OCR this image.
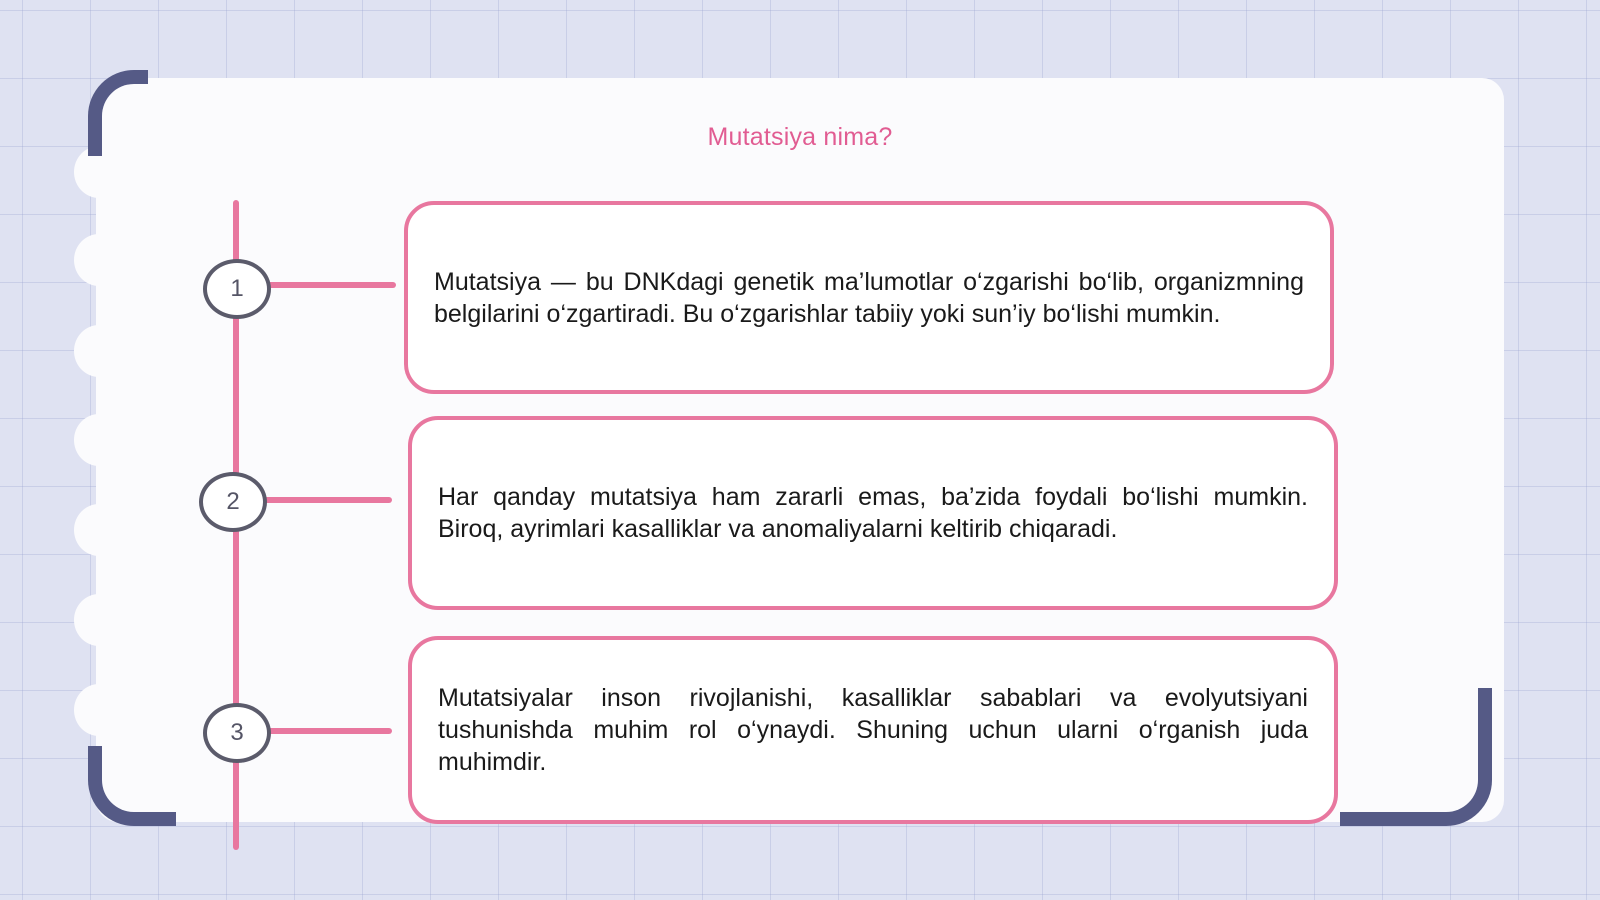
Mutatsiya nima?
1	Mutatsiya — bu DNKdagi genetik ma’lumotlar o‘zgarishi bo‘lib, organizmning belgilarini o‘zgartiradi. Bu o‘zgarishlar tabiiy yoki sun’iy bo‘lishi mumkin.

2	Har qanday mutatsiya ham zararli emas, ba’zida foydali bo‘lishi mumkin. Biroq, ayrimlari kasalliklar va anomaliyalarni keltirib chiqaradi.

3

Mutatsiyalar inson rivojlanishi, kasalliklar sabablari va evolyutsiyani tushunishda muhim rol o‘ynaydi. Shuning uchun ularni o‘rganish juda muhimdir.
